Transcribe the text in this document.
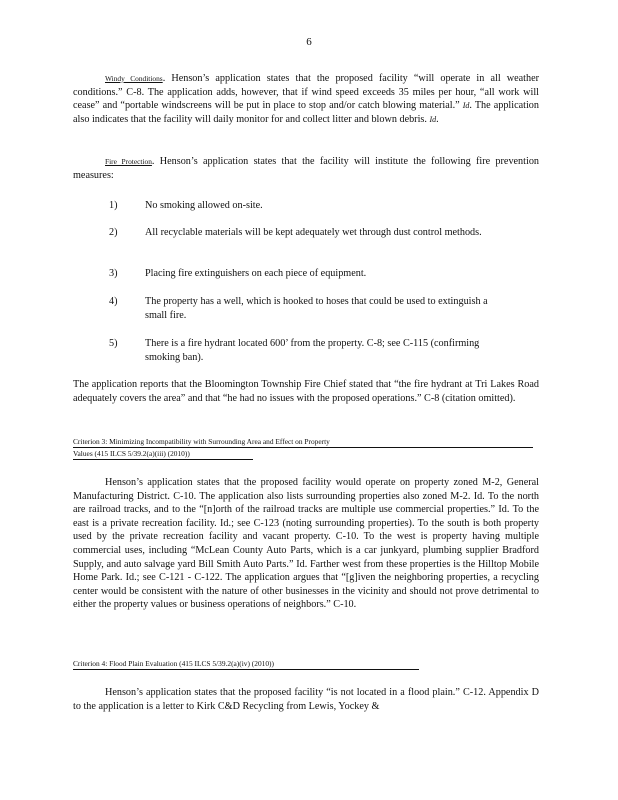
6
Windy Conditions. Henson’s application states that the proposed facility “will operate in all weather conditions.” C-8. The application adds, however, that if wind speed exceeds 35 miles per hour, “all work will cease” and “portable windscreens will be put in place to stop and/or catch blowing material.” Id. The application also indicates that the facility will daily monitor for and collect litter and blown debris. Id.
Fire Protection. Henson’s application states that the facility will institute the following fire prevention measures:
1)	No smoking allowed on-site.
2)	All recyclable materials will be kept adequately wet through dust control methods.
3)	Placing fire extinguishers on each piece of equipment.
4)	The property has a well, which is hooked to hoses that could be used to extinguish a small fire.
5)	There is a fire hydrant located 600’ from the property. C-8; see C-115 (confirming smoking ban).
The application reports that the Bloomington Township Fire Chief stated that “the fire hydrant at Tri Lakes Road adequately covers the area” and that “he had no issues with the proposed operations.” C-8 (citation omitted).
Criterion 3: Minimizing Incompatibility with Surrounding Area and Effect on Property
Values (415 ILCS 5/39.2(a)(iii) (2010))
Henson’s application states that the proposed facility would operate on property zoned M-2, General Manufacturing District. C-10. The application also lists surrounding properties also zoned M-2. Id. To the north are railroad tracks, and to the “[n]orth of the railroad tracks are multiple use commercial properties.” Id. To the east is a private recreation facility. Id.; see C-123 (noting surrounding properties). To the south is both property used by the private recreation facility and vacant property. C-10. To the west is property having multiple commercial uses, including “McLean County Auto Parts, which is a car junkyard, plumbing supplier Bradford Supply, and auto salvage yard Bill Smith Auto Parts.” Id. Farther west from these properties is the Hilltop Mobile Home Park. Id.; see C-121 - C-122. The application argues that “[g]iven the neighboring properties, a recycling center would be consistent with the nature of other businesses in the vicinity and should not prove detrimental to either the property values or business operations of neighbors.” C-10.
Criterion 4: Flood Plain Evaluation (415 ILCS 5/39.2(a)(iv) (2010))
Henson’s application states that the proposed facility “is not located in a flood plain.” C-12. Appendix D to the application is a letter to Kirk C&D Recycling from Lewis, Yockey &
